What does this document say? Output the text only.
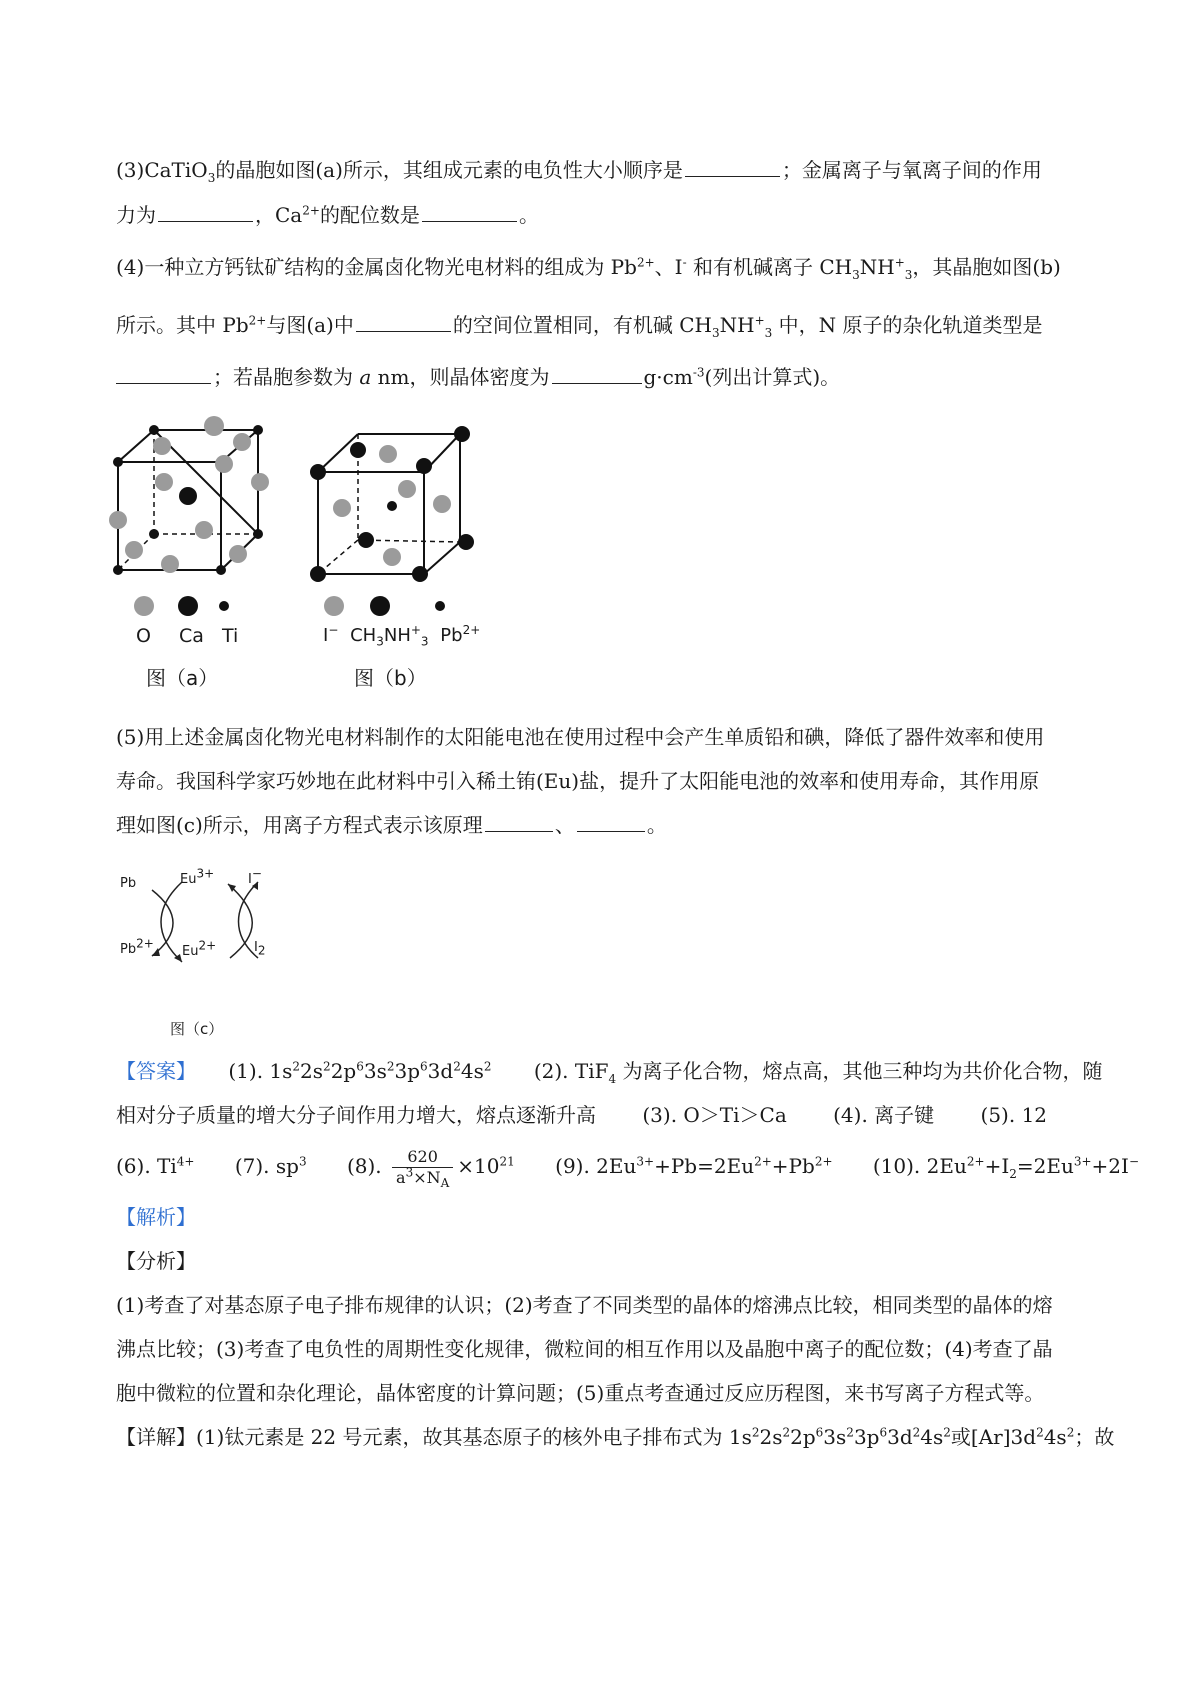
(3)CaTiO$_3$的晶胞如图(a)所示，其组成元素的电负性大小顺序是	；金属离子与氧离子间的作用
力为	，$Ca^{2+}$的配位数是	。
(4)一种立方钙钛矿结构的金属卤化物光电材料的组成为 $Pb^{2+}$、I- 和有机碱离子 $CH_3NH^+_3$，其晶胞如图(b)
所示。其中 $Pb^{2+}$与图(a)中	的空间位置相同，有机碱 $CH_3NH^+_3$ 中，N 原子的杂化轨道类型是
；若晶胞参数为 a nm，则晶体密度为	$g\cdot cm^{-3}$(列出计算式)。
O Ca Ti
图（a）
I− $CH_3NH^+_3$ $Pb^{2+}$
图（b）
(5)用上述金属卤化物光电材料制作的太阳能电池在使用过程中会产生单质铅和碘，降低了器件效率和使用
寿命。我国科学家巧妙地在此材料中引入稀土铕(Eu)盐，提升了太阳能电池的效率和使用寿命，其作用原
理如图(c)所示，用离子方程式表示该原理	、	。
Pb	$Eu^{3+}$	I−
$Pb^{2+}$
$Eu^{2+}$	$I_2$
图（c）
【答案】 (1). $1s^22s^22p^63s^23p^63d^24s^2$ (2). TiF$_4$ 为离子化合物，熔点高，其他三种均为共价化合物，随
相对分子质量的增大分子间作用力增大，熔点逐渐升高 (3). O＞Ti＞Ca (4). 离子键 (5). 12
(6). $Ti^{4+}$ (7). $sp^3$ (8). $\frac{620}{a^3\times N_A} \times 10^{21}$ (9). $2Eu^{3+}+Pb=2Eu^{2+}+Pb^{2+}$ (10). $2Eu^{2+}+I_2=2Eu^{3+}+2I^-$
【解析】
【分析】
(1)考查了对基态原子电子排布规律的认识；(2)考查了不同类型的晶体的熔沸点比较，相同类型的晶体的熔
沸点比较；(3)考查了电负性的周期性变化规律，微粒间的相互作用以及晶胞中离子的配位数；(4)考查了晶
胞中微粒的位置和杂化理论，晶体密度的计算问题；(5)重点考查通过反应历程图，来书写离子方程式等。
【详解】(1)钛元素是 22 号元素，故其基态原子的核外电子排布式为 $1s^22s^22p^63s^23p^63d^24s^2$或$[Ar]3d^24s^2$；故
